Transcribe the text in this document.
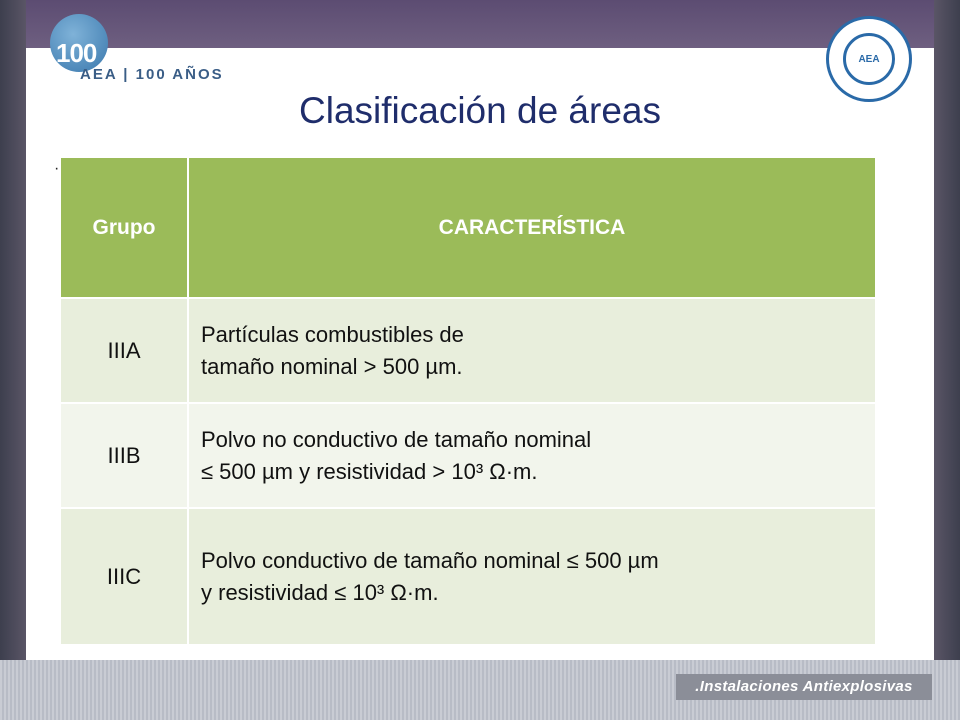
100
AEA | 100 AÑOS
AEA
Clasificación de áreas
·
Grupo	CARACTERÍSTICA
IIIA	Partículas combustibles de
tamaño nominal > 500 µm.

IIIB	Polvo no conductivo de tamaño nominal
≤ 500 µm y resistividad > 10³ Ω·m.

IIIC	Polvo conductivo de tamaño nominal ≤ 500 µm
y resistividad ≤ 10³ Ω·m.
.Instalaciones Antiexplosivas
